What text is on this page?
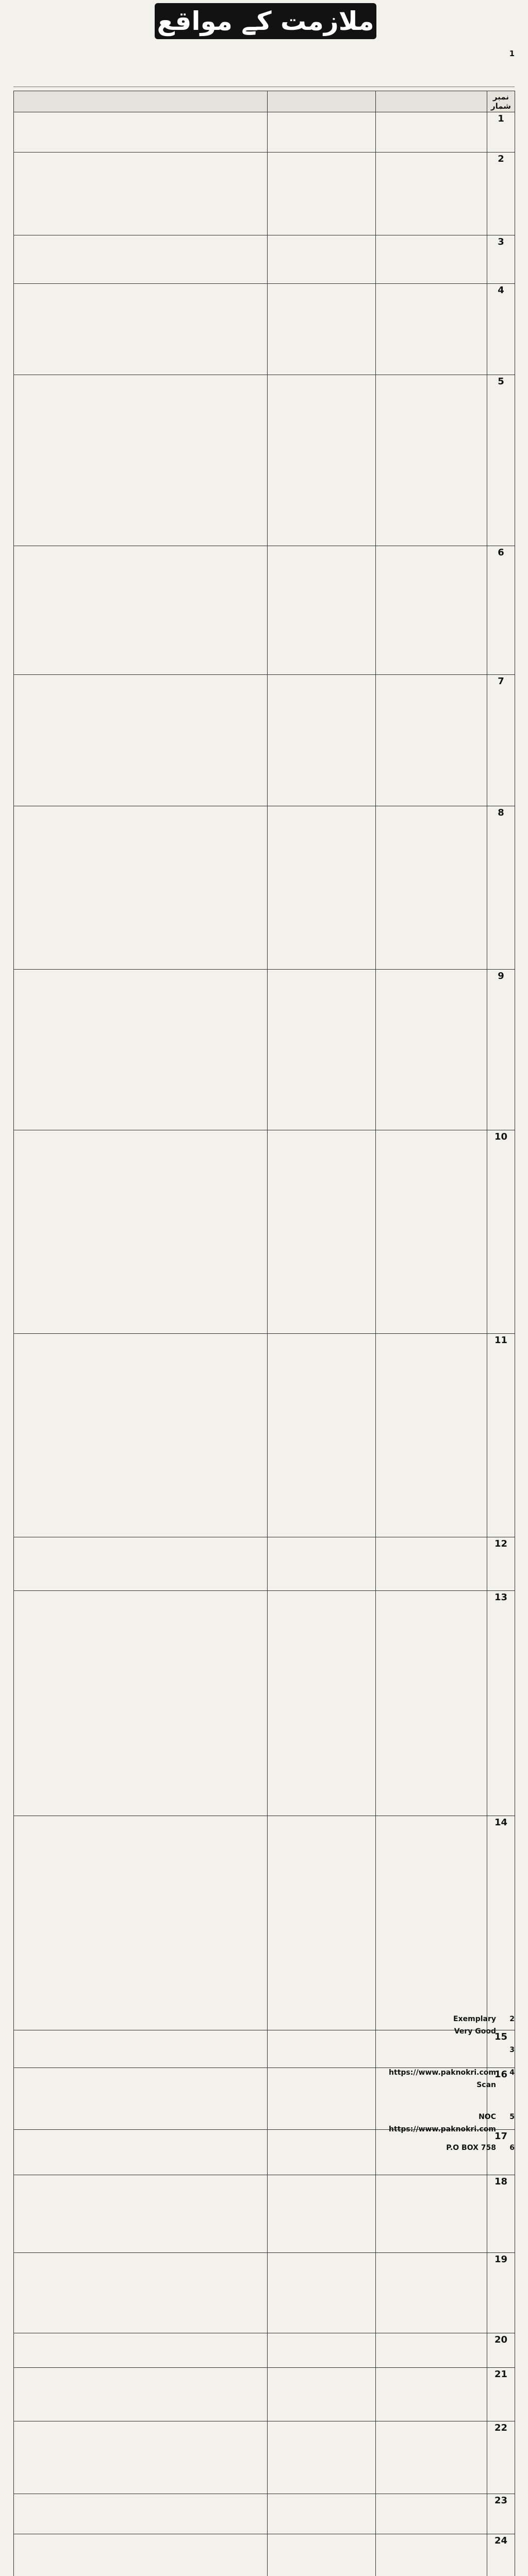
ملازمت کے مواقع
1
نمبر شمار			
1			
2			
3			
4			
5			
6			
7			
8			
9			
10			
11			
12			
13			
14			
15			
16			
17			
18			
19			
20			
21			
22			
23			
24			
2
Exemplary
Very Good
3
4
https://www.paknokri.com
Scan
5
NOC
https://www.paknokri.com
6
P.O BOX 758
